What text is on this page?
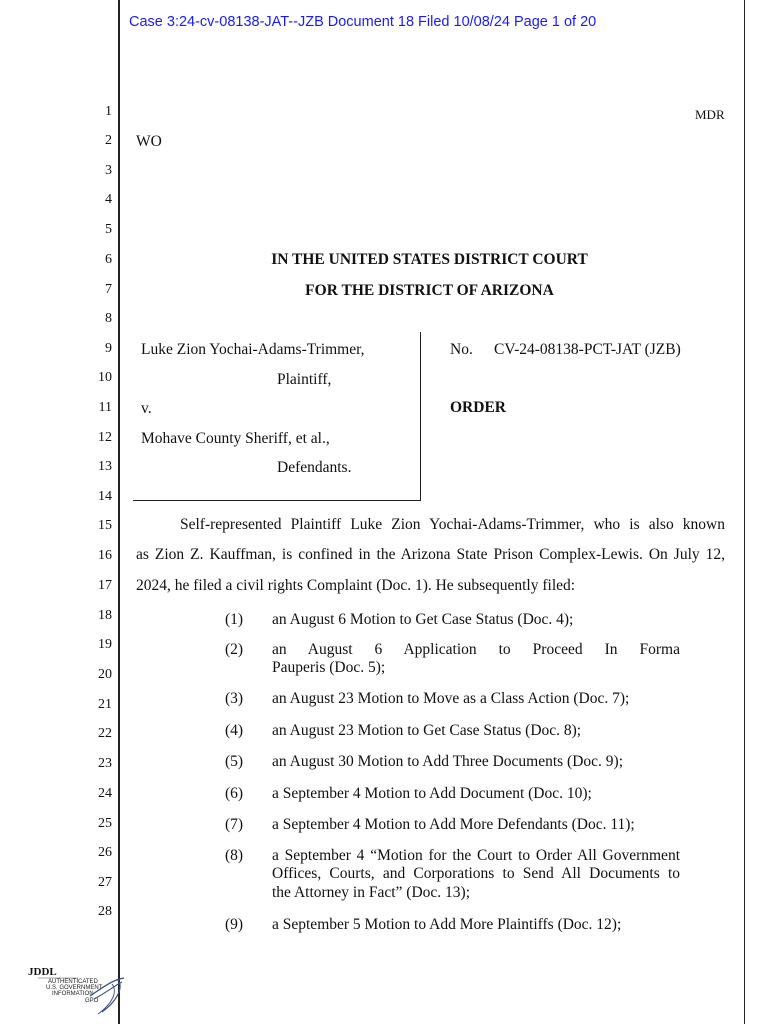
Case 3:24-cv-08138-JAT--JZB Document 18 Filed 10/08/24 Page 1 of 20
1
2
3
4
5
6
7
8
9
10
11
12
13
14
15
16
17
18
19
20
21
22
23
24
25
26
27
28
MDR
WO
IN THE UNITED STATES DISTRICT COURT
FOR THE DISTRICT OF ARIZONA
Luke Zion Yochai-Adams-Trimmer,
Plaintiff,
v.
Mohave County Sheriff, et al.,
Defendants.
No. CV-24-08138-PCT-JAT (JZB)
ORDER
Self-represented Plaintiff Luke Zion Yochai-Adams-Trimmer, who is also known
as Zion Z. Kauffman, is confined in the Arizona State Prison Complex-Lewis. On July 12,
2024, he filed a civil rights Complaint (Doc. 1). He subsequently filed:
(1) an August 6 Motion to Get Case Status (Doc. 4);
(2) an August 6 Application to Proceed In Forma
Pauperis (Doc. 5);
(3) an August 23 Motion to Move as a Class Action (Doc. 7);
(4) an August 23 Motion to Get Case Status (Doc. 8);
(5) an August 30 Motion to Add Three Documents (Doc. 9);
(6) a September 4 Motion to Add Document (Doc. 10);
(7) a September 4 Motion to Add More Defendants (Doc. 11);
(8) a September 4 “Motion for the Court to Order All Government
Offices, Courts, and Corporations to Send All Documents to
the Attorney in Fact” (Doc. 13);
(9) a September 5 Motion to Add More Plaintiffs (Doc. 12);
JDDL
AUTHENTICATED
U.S. GOVERNMENT
INFORMATION
GPO
